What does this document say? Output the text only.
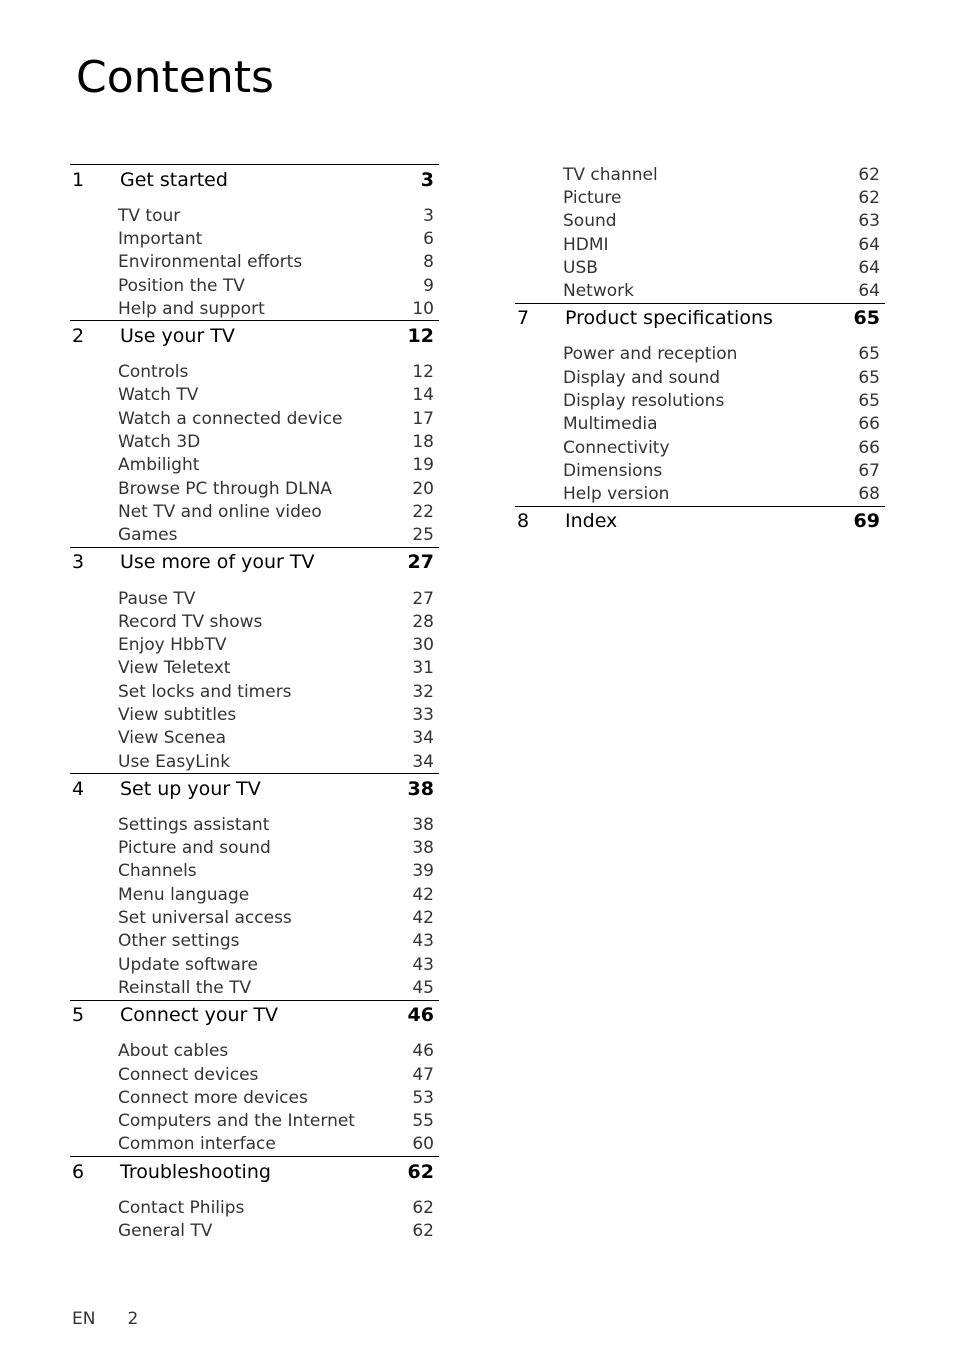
Contents
1	Get started	3
TV tour	3
Important	6
Environmental efforts	8
Position the TV	9
Help and support	10
2	Use your TV	12
Controls	12
Watch TV	14
Watch a connected device	17
Watch 3D	18
Ambilight	19
Browse PC through DLNA	20
Net TV and online video	22
Games	25
3	Use more of your TV	27
Pause TV	27
Record TV shows	28
Enjoy HbbTV	30
View Teletext	31
Set locks and timers	32
View subtitles	33
View Scenea	34
Use EasyLink	34
4	Set up your TV	38
Settings assistant	38
Picture and sound	38
Channels	39
Menu language	42
Set universal access	42
Other settings	43
Update software	43
Reinstall the TV	45
5	Connect your TV	46
About cables	46
Connect devices	47
Connect more devices	53
Computers and the Internet	55
Common interface	60
6	Troubleshooting	62
Contact Philips	62
General TV	62
TV channel	62
Picture	62
Sound	63
HDMI	64
USB	64
Network	64
7	Product specifications	65
Power and reception	65
Display and sound	65
Display resolutions	65
Multimedia	66
Connectivity	66
Dimensions	67
Help version	68
8	Index	69
EN 2
